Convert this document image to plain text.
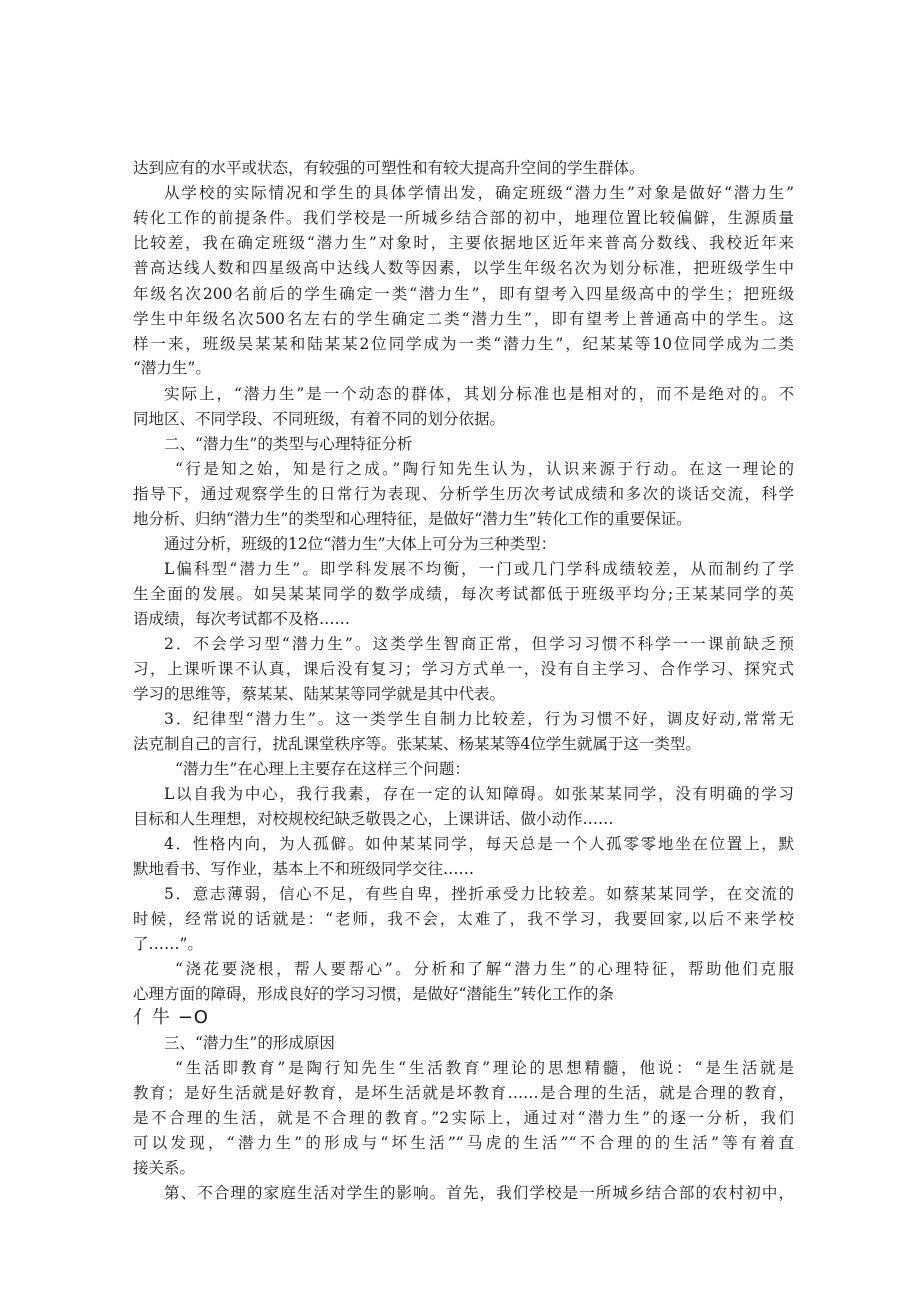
达到应有的水平或状态，有较强的可塑性和有较大提高升空间的学生群体。
从学校的实际情况和学生的具体学情出发，确定班级“潜力生”对象是做好“潜力生”
转化工作的前提条件。我们学校是一所城乡结合部的初中，地理位置比较偏僻，生源质量
比较差，我在确定班级“潜力生”对象时，主要依据地区近年来普高分数线、我校近年来
普高达线人数和四星级高中达线人数等因素，以学生年级名次为划分标准，把班级学生中
年级名次200名前后的学生确定一类“潜力生”，即有望考入四星级高中的学生；把班级
学生中年级名次500名左右的学生确定二类“潜力生”，即有望考上普通高中的学生。这
样一来，班级吴某某和陆某某2位同学成为一类“潜力生”，纪某某等10位同学成为二类
“潜力生”。
实际上，“潜力生”是一个动态的群体，其划分标准也是相对的，而不是绝对的。不
同地区、不同学段、不同班级，有着不同的划分依据。
二、“潜力生”的类型与心理特征分析
“行是知之始，知是行之成。”陶行知先生认为，认识来源于行动。在这一理论的
指导下，通过观察学生的日常行为表现、分析学生历次考试成绩和多次的谈话交流，科学
地分析、归纳“潜力生”的类型和心理特征，是做好“潜力生”转化工作的重要保证。
通过分析，班级的12位“潜力生”大体上可分为三种类型：
L偏科型“潜力生”。即学科发展不均衡，一门或几门学科成绩较差，从而制约了学
生全面的发展。如吴某某同学的数学成绩，每次考试都低于班级平均分;王某某同学的英
语成绩，每次考试都不及格……
2．不会学习型“潜力生”。这类学生智商正常，但学习习惯不科学一一课前缺乏预
习，上课听课不认真，课后没有复习；学习方式单一，没有自主学习、合作学习、探究式
学习的思维等，蔡某某、陆某某等同学就是其中代表。
3．纪律型“潜力生”。这一类学生自制力比较差，行为习惯不好，调皮好动,常常无
法克制自己的言行，扰乱课堂秩序等。张某某、杨某某等4位学生就属于这一类型。
“潜力生”在心理上主要存在这样三个问题：
L以自我为中心，我行我素，存在一定的认知障碍。如张某某同学，没有明确的学习
目标和人生理想，对校规校纪缺乏敬畏之心，上课讲话、做小动作……
4．性格内向，为人孤僻。如仲某某同学，每天总是一个人孤零零地坐在位置上，默
默地看书、写作业，基本上不和班级同学交往……
5．意志薄弱，信心不足，有些自卑，挫折承受力比较差。如蔡某某同学，在交流的
时候，经常说的话就是：“老师，我不会，太难了，我不学习，我要回家,以后不来学校
了……”。
“浇花要浇根，帮人要帮心”。分析和了解“潜力生”的心理特征，帮助他们克服
心理方面的障碍，形成良好的学习习惯，是做好“潜能生”转化工作的条
亻牛 −O
三、“潜力生”的形成原因
“生活即教育”是陶行知先生“生活教育”理论的思想精髓，他说：“是生活就是
教育；是好生活就是好教育，是坏生活就是坏教育……是合理的生活，就是合理的教育，
是不合理的生活，就是不合理的教育。”2实际上，通过对“潜力生”的逐一分析，我们
可以发现，“潜力生”的形成与“坏生活”“马虎的生活”“不合理的的生活”等有着直
接关系。
第、不合理的家庭生活对学生的影响。首先，我们学校是一所城乡结合部的农村初中，
